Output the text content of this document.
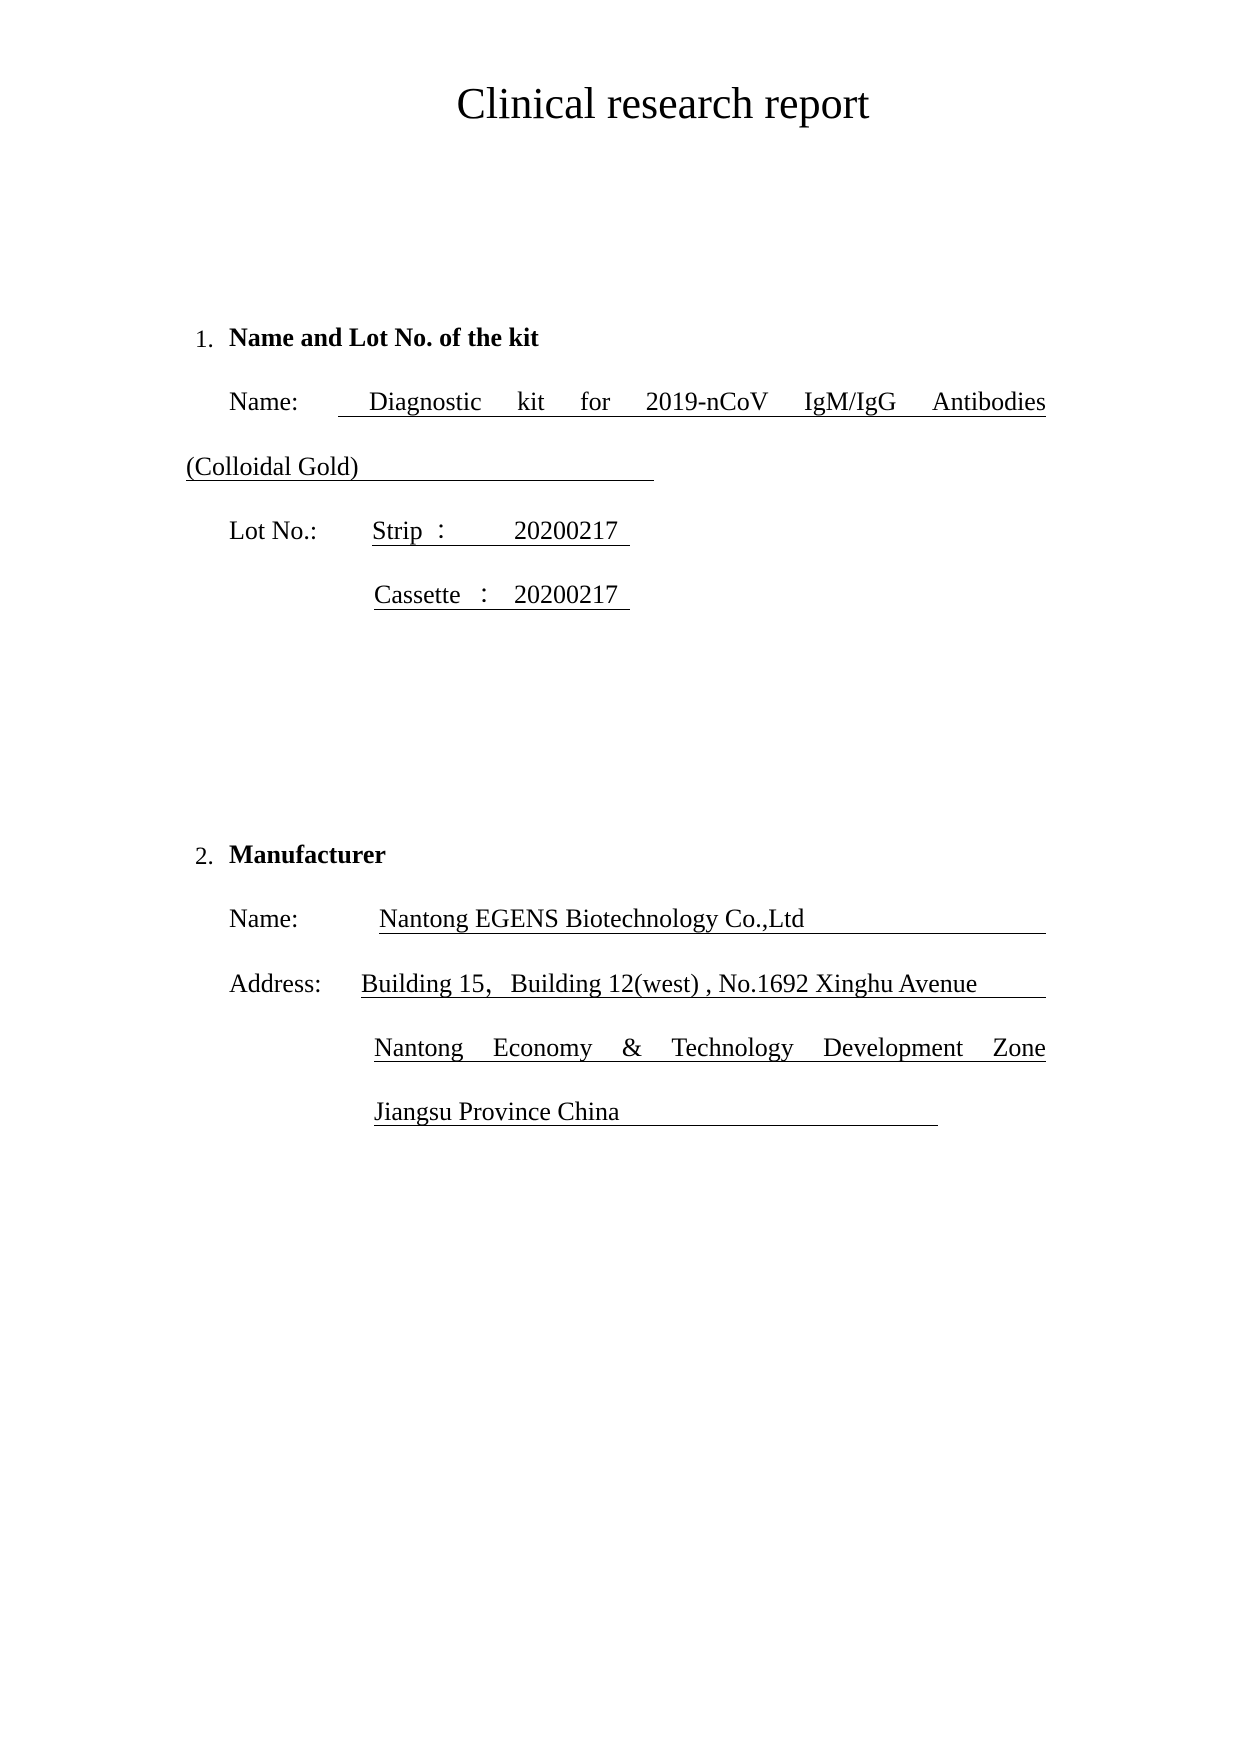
Clinical research report
1. Name and Lot No. of the kit
Name:	Diagnostic kit for 2019-nCoV IgM/IgG Antibodies
(Colloidal Gold)
Lot No.: Strip ： 20200217
Cassette ： 20200217
2. Manufacturer
Name:	Nantong EGENS Biotechnology Co.,Ltd
Address: Building 15，Building 12(west) , No.1692 Xinghu Avenue
Nantong Economy & Technology Development Zone
Jiangsu Province China
